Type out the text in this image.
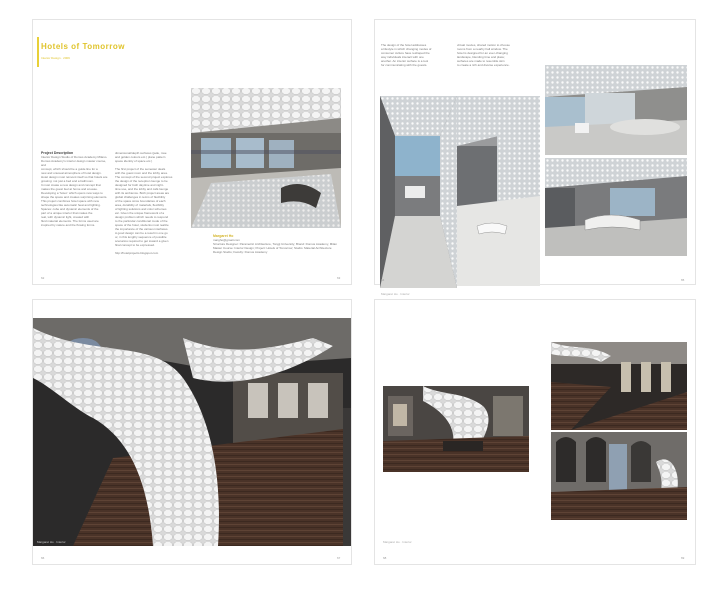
Hotels of Tomorrow
Interior Design · 2009
Project Description
Interior Design Studio of Domus Academy Milano.
Domus Academy's interior design master course, and
concept, which should be a guide line for a
new and unusual atmosphere of hotel design.
Hotel design must reinvent itself so that hotels are
growing: not just a bed and a bathroom.
It must create a new design and concept that
makes the guest feel at home and at ease.
Developing a 'hotel-' which opens new ways to
shape the space and creates surprising elements.
This project combines hotel space with new
technologies like automatic heat and lighting.
Spaces: cube and dynamic elements of the
part of a unique interior that makes the
real, with dynamic light, created with
fluid material elements. The forms used are
inspired by nature and the flowing forms.
dimensional/depth surfaces (jade, rose
and golden colours etc.) plane pattern
space identity of space etc.)

The first project of the semester deals
with the guest room and the lobby area.
The concept of the second project explores
the design of the reception lounge to be
designed for both daytime and night-
time use, and the lobby and café lounge
with its ambience. Both project areas are
global challenges in terms of flexibility
of the space since boundaries of each
area, durability of materials, flexibility
of lighting solutions and color schemes
etc. Given the unique framework of a
design problem which needs to respond
to the particular conditional mode of the
space of the hotel, students must realize
the importance of the various interfaces.
A good design can be a result in one go
or, in this lengthy sequence of possible
scenarios required to get toward a given
final concept to be expressed.

http://hotelprojects.blogspot.com
62
Margaret Ho
margho@gmail.com
Structure Designer: Parametric Architecture, Tongji University; Brand: Domus Academy, Milan
Master Course: Interior Design; Project: Hotels of Tomorrow; Studio: Material Architecture
Design Studio; Faculty: Domus Academy
63
The design of the hotel addresses
a lifestyle in which changing modes of
consumer culture have reshaped the
way individuals interact with one
another. An interior surface is a tool
for communicating with the guests.
virtual movies, shared motion to choose
rooms from a nearby hall window. The
hotel is designed for an ever-changing
landscape, blending time and place;
surfaces are made to resemble skin
to create a rich and diverse experience.
Margaret Ho · Interior
64	65
Margaret Ho · Interior
66	67
Margaret Ho · Interior
68	69
